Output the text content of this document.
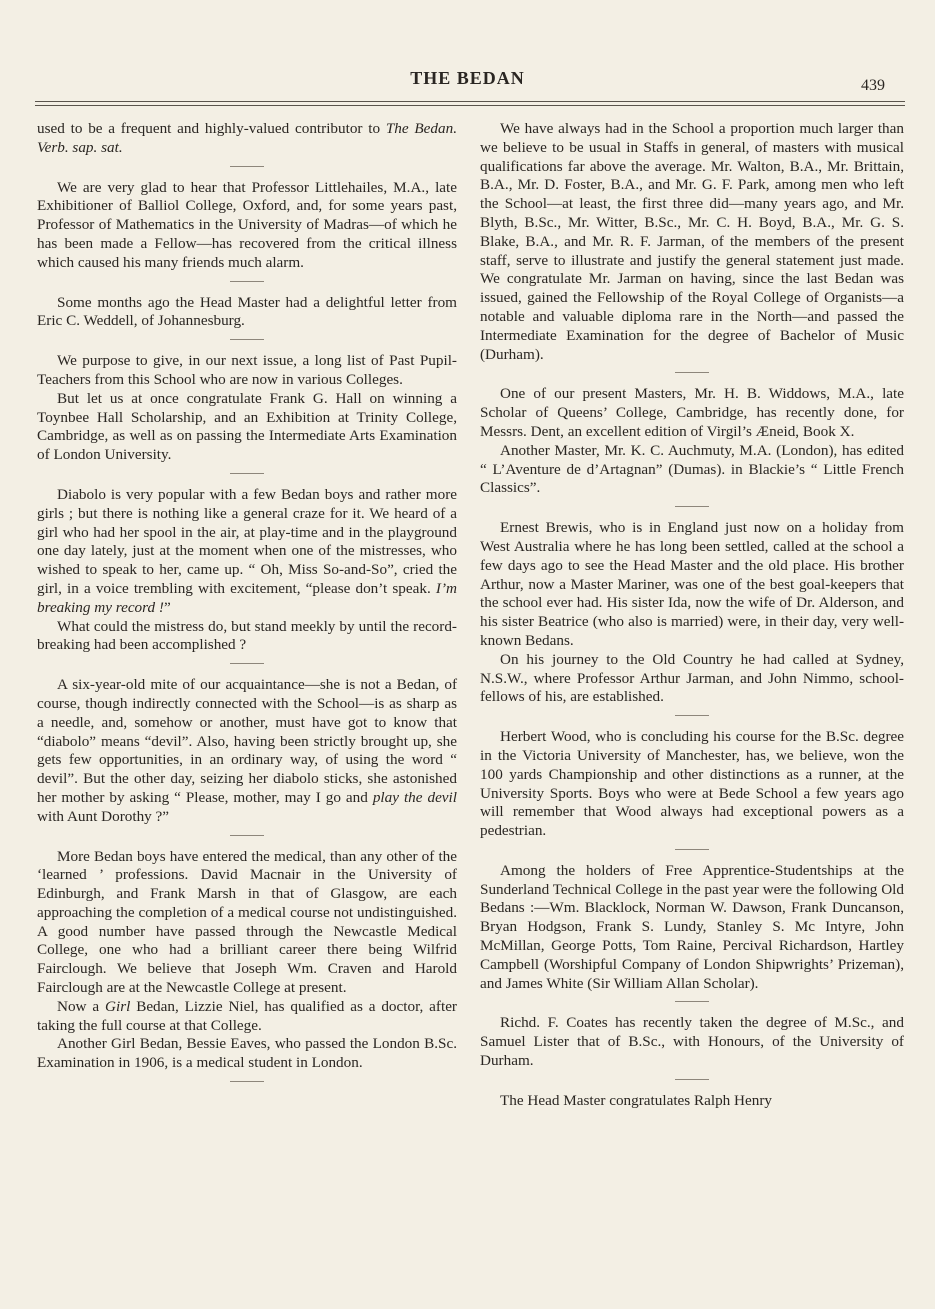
THE BEDAN	439

used to be a frequent and highly-valued contributor to The Bedan. Verb. sap. sat.

We are very glad to hear that Professor Littlehailes, M.A., late Exhibitioner of Balliol College, Oxford, and, for some years past, Professor of Mathematics in the University of Madras—of which he has been made a Fellow—has recovered from the critical illness which caused his many friends much alarm.

Some months ago the Head Master had a delightful letter from Eric C. Weddell, of Johannesburg.

We purpose to give, in our next issue, a long list of Past Pupil-Teachers from this School who are now in various Colleges.

But let us at once congratulate Frank G. Hall on winning a Toynbee Hall Scholarship, and an Exhibition at Trinity College, Cambridge, as well as on passing the Intermediate Arts Examination of London University.

Diabolo is very popular with a few Bedan boys and rather more girls ; but there is nothing like a general craze for it. We heard of a girl who had her spool in the air, at play-time and in the playground one day lately, just at the moment when one of the mistresses, who wished to speak to her, came up. “ Oh, Miss So-and-So”, cried the girl, in a voice trembling with excitement, “please don’t speak. I’m breaking my record !”

What could the mistress do, but stand meekly by until the record-breaking had been accomplished ?

A six-year-old mite of our acquaintance—she is not a Bedan, of course, though indirectly connected with the School—is as sharp as a needle, and, somehow or another, must have got to know that “diabolo” means “devil”. Also, having been strictly brought up, she gets few opportunities, in an ordinary way, of using the word “ devil”. But the other day, seizing her diabolo sticks, she astonished her mother by asking “ Please, mother, may I go and play the devil with Aunt Dorothy ?”

More Bedan boys have entered the medical, than any other of the ‘learned ’ professions. David Macnair in the University of Edinburgh, and Frank Marsh in that of Glasgow, are each approaching the completion of a medical course not undistinguished. A good number have passed through the Newcastle Medical College, one who had a brilliant career there being Wilfrid Fairclough. We believe that Joseph Wm. Craven and Harold Fairclough are at the Newcastle College at present.

Now a Girl Bedan, Lizzie Niel, has qualified as a doctor, after taking the full course at that College.

Another Girl Bedan, Bessie Eaves, who passed the London B.Sc. Examination in 1906, is a medical student in London.

We have always had in the School a proportion much larger than we believe to be usual in Staffs in general, of masters with musical qualifications far above the average. Mr. Walton, B.A., Mr. Brittain, B.A., Mr. D. Foster, B.A., and Mr. G. F. Park, among men who left the School—at least, the first three did—many years ago, and Mr. Blyth, B.Sc., Mr. Witter, B.Sc., Mr. C. H. Boyd, B.A., Mr. G. S. Blake, B.A., and Mr. R. F. Jarman, of the members of the present staff, serve to illustrate and justify the general statement just made. We congratulate Mr. Jarman on having, since the last Bedan was issued, gained the Fellowship of the Royal College of Organists—a notable and valuable diploma rare in the North—and passed the Intermediate Examination for the degree of Bachelor of Music (Durham).

One of our present Masters, Mr. H. B. Widdows, M.A., late Scholar of Queens’ College, Cambridge, has recently done, for Messrs. Dent, an excellent edition of Virgil’s Æneid, Book X.

Another Master, Mr. K. C. Auchmuty, M.A. (London), has edited “ L’Aventure de d’Artagnan” (Dumas). in Blackie’s “ Little French Classics”.

Ernest Brewis, who is in England just now on a holiday from West Australia where he has long been settled, called at the school a few days ago to see the Head Master and the old place. His brother Arthur, now a Master Mariner, was one of the best goal-keepers that the school ever had. His sister Ida, now the wife of Dr. Alderson, and his sister Beatrice (who also is married) were, in their day, very well-known Bedans.

On his journey to the Old Country he had called at Sydney, N.S.W., where Professor Arthur Jarman, and John Nimmo, school-fellows of his, are established.

Herbert Wood, who is concluding his course for the B.Sc. degree in the Victoria University of Manchester, has, we believe, won the 100 yards Championship and other distinctions as a runner, at the University Sports. Boys who were at Bede School a few years ago will remember that Wood always had exceptional powers as a pedestrian.

Among the holders of Free Apprentice-Studentships at the Sunderland Technical College in the past year were the following Old Bedans :—Wm. Blacklock, Norman W. Dawson, Frank Duncanson, Bryan Hodgson, Frank S. Lundy, Stanley S. Mc Intyre, John McMillan, George Potts, Tom Raine, Percival Richardson, Hartley Campbell (Worshipful Company of London Shipwrights’ Prizeman), and James White (Sir William Allan Scholar).

Richd. F. Coates has recently taken the degree of M.Sc., and Samuel Lister that of B.Sc., with Honours, of the University of Durham.

The Head Master congratulates Ralph Henry
